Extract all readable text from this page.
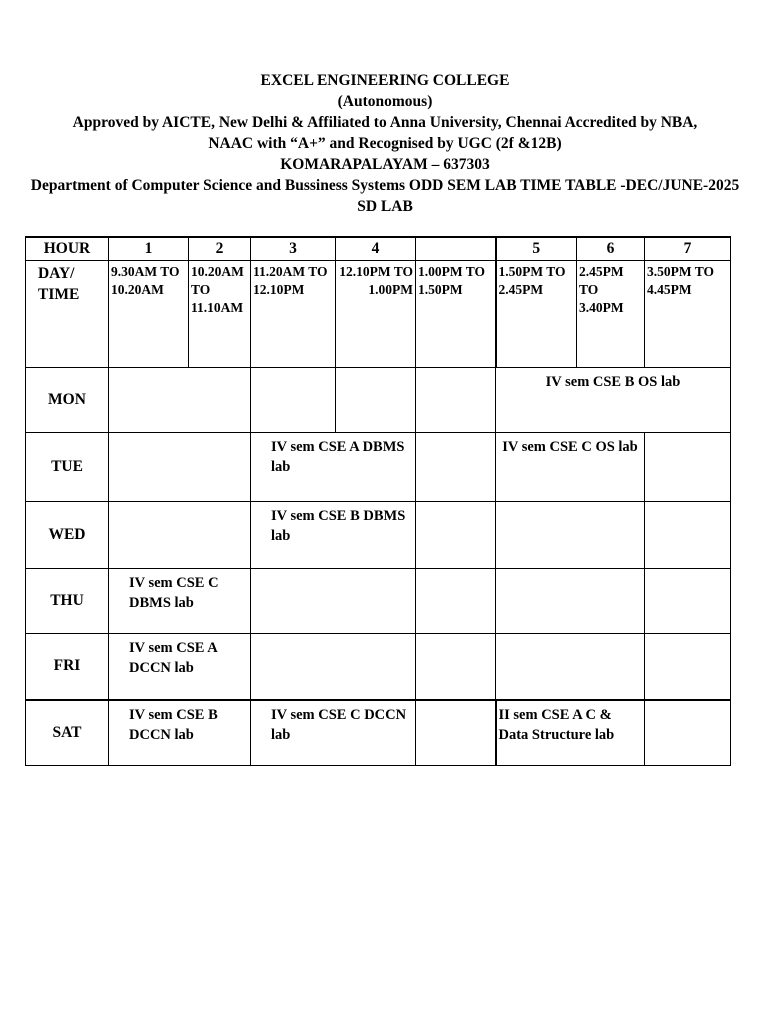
EXCEL ENGINEERING COLLEGE
(Autonomous)
Approved by AICTE, New Delhi & Affiliated to Anna University, Chennai Accredited by NBA,
NAAC with “A+” and Recognised by UGC (2f &12B)
KOMARAPALAYAM – 637303
Department of Computer Science and Bussiness Systems ODD SEM LAB TIME TABLE -DEC/JUNE-2025
SD LAB
HOUR	1	2	3	4		5	6	7
DAY/ TIME	9.30AM TO 10.20AM	10.20AM TO 11.10AM	11.20AM TO 12.10PM	12.10PM TO 1.00PM	1.00PM TO 1.50PM	1.50PM TO 2.45PM	2.45PM TO 3.40PM	3.50PM TO 4.45PM
MON						IV sem CSE B OS lab		
TUE			IV sem CSE A DBMS lab			IV sem CSE C OS lab		
WED			IV sem CSE B DBMS lab					
THU	IV sem CSE C DBMS lab							
FRI	IV sem CSE A DCCN lab							
SAT	IV sem CSE B DCCN lab		IV sem CSE C DCCN lab			II sem CSE A C & Data Structure lab		
